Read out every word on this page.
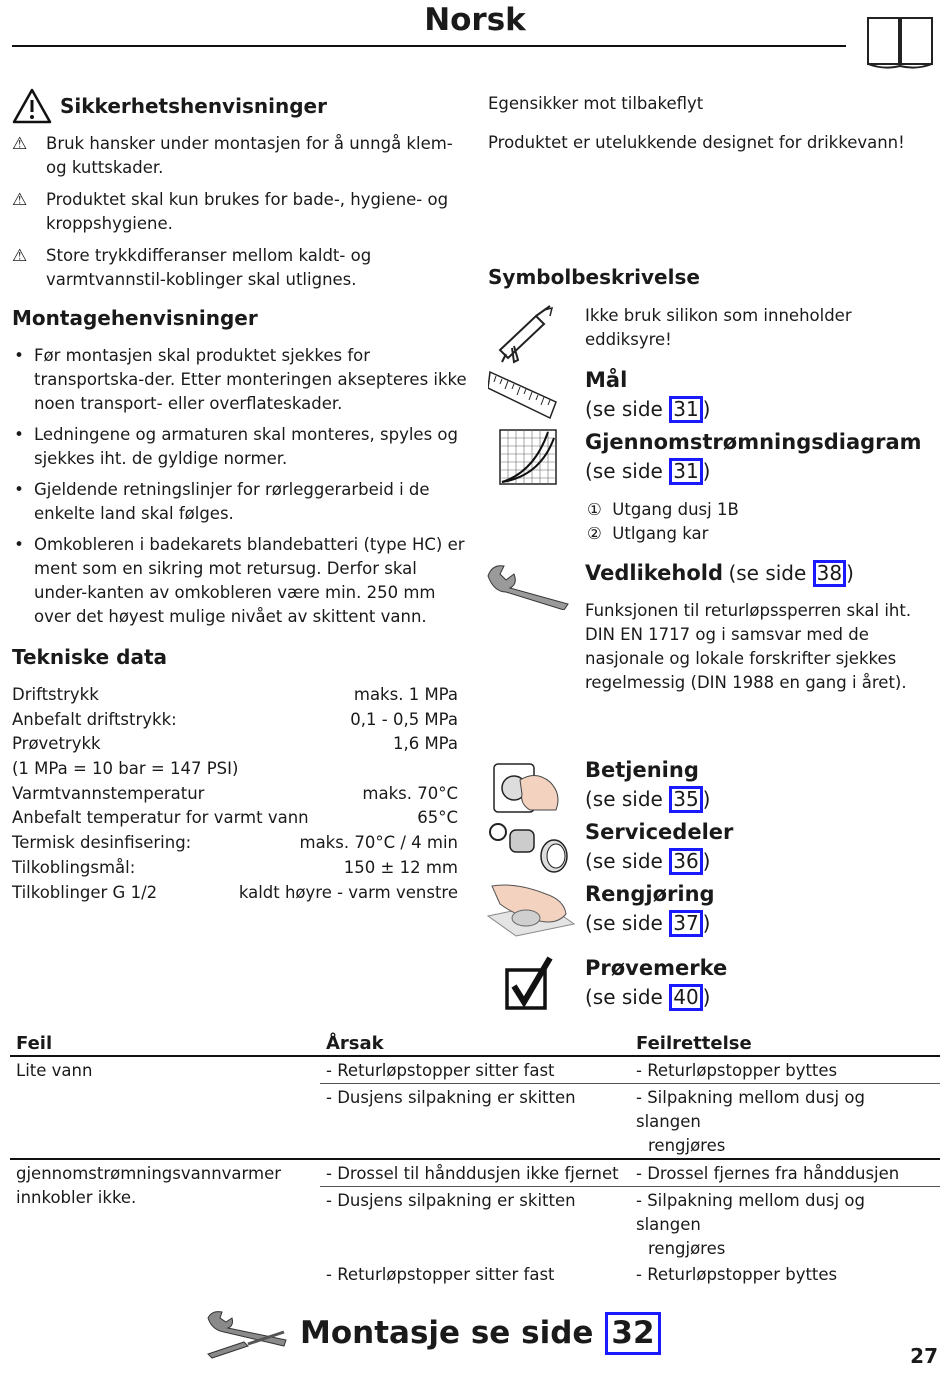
Norsk
Sikkerhetshenvisninger
⚠	Bruk hansker under montasjen for å unngå klem- og kuttskader.
⚠	Produktet skal kun brukes for bade-, hygiene- og kroppshygiene.
⚠	Store trykkdifferanser mellom kaldt- og varmtvannstil-koblinger skal utlignes.
Montagehenvisninger
• Før montasjen skal produktet sjekkes for transportska-der. Etter monteringen aksepteres ikke noen transport- eller overflateskader.
• Ledningene og armaturen skal monteres, spyles og sjekkes iht. de gyldige normer.
• Gjeldende retningslinjer for rørleggerarbeid i de enkelte land skal følges.
• Omkobleren i badekarets blandebatteri (type HC) er ment som en sikring mot retursug. Derfor skal under-kanten av omkobleren være min. 250 mm over det høyest mulige nivået av skittent vann.
Tekniske data
Driftstrykk	maks. 1 MPa
Anbefalt driftstrykk:	0,1 - 0,5 MPa
Prøvetrykk	1,6 MPa
(1 MPa = 10 bar = 147 PSI)
Varmtvannstemperatur	maks. 70°C
Anbefalt temperatur for varmt vann	65°C
Termisk desinfisering:	maks. 70°C / 4 min
Tilkoblingsmål:	150 ± 12 mm
Tilkoblinger G 1/2	kaldt høyre - varm venstre
Egensikker mot tilbakeflyt
Produktet er utelukkende designet for drikkevann!
Symbolbeskrivelse
Ikke bruk silikon som inneholder eddiksyre!
Mål
(se side 31 )
Gjennomstrømningsdiagram
(se side 31 )
① Utgang dusj 1B
② Utlgang kar
Vedlikehold (se side 38 )
Funksjonen til returløpssperren skal iht. DIN EN 1717 og i samsvar med de nasjonale og lokale forskrifter sjekkes regelmessig (DIN 1988 en gang i året).
Betjening
(se side 35 )
Servicedeler
(se side 36 )
Rengjøring
(se side 37 )
Prøvemerke
(se side 40 )
Feil	Årsak	Feilrettelse
Lite vann	- Returløpstopper sitter fast	- Returløpstopper byttes
	- Dusjens silpakning er skitten	- Silpakning mellom dusj og slangen
rengjøres

gjennomstrømningsvannvarmer innkobler ikke.	- Drossel til hånddusjen ikke fjernet	- Drossel fjernes fra hånddusjen
	- Dusjens silpakning er skitten	- Silpakning mellom dusj og slangen
rengjøres

	- Returløpstopper sitter fast	- Returløpstopper byttes
Montasje se side 32
27
